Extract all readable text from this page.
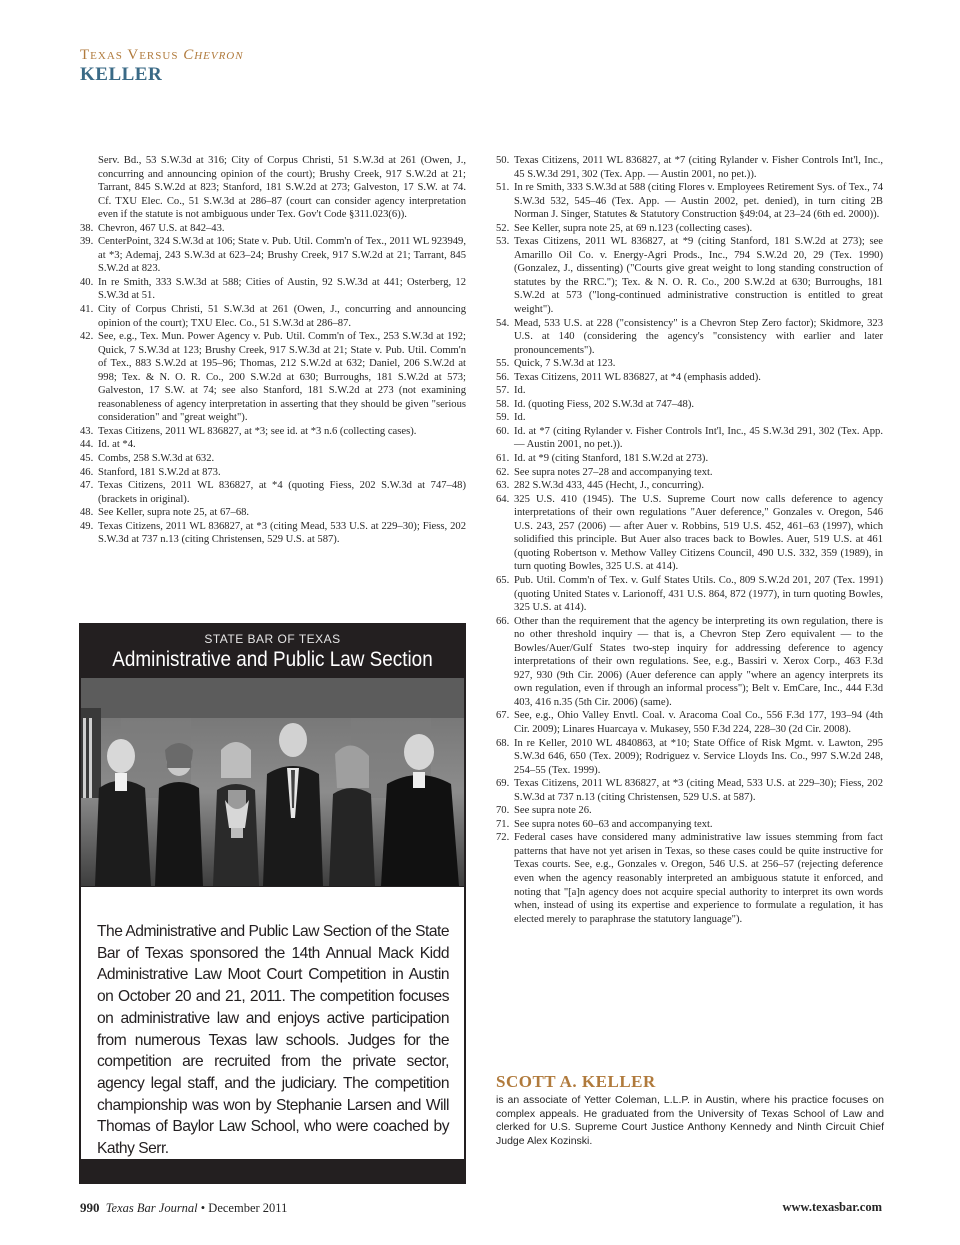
Texas Versus Chevron
KELLER
Serv. Bd., 53 S.W.3d at 316; City of Corpus Christi, 51 S.W.3d at 261 (Owen, J., concurring and announcing opinion of the court); Brushy Creek, 917 S.W.2d at 21; Tarrant, 845 S.W.2d at 823; Stanford, 181 S.W.2d at 273; Galveston, 17 S.W. at 74. Cf. TXU Elec. Co., 51 S.W.3d at 286–87 (court can consider agency interpretation even if the statute is not ambiguous under Tex. Gov't Code §311.023(6)).
38. Chevron, 467 U.S. at 842–43.
39. CenterPoint, 324 S.W.3d at 106; State v. Pub. Util. Comm'n of Tex., 2011 WL 923949, at *3; Ademaj, 243 S.W.3d at 623–24; Brushy Creek, 917 S.W.2d at 21; Tarrant, 845 S.W.2d at 823.
40. In re Smith, 333 S.W.3d at 588; Cities of Austin, 92 S.W.3d at 441; Osterberg, 12 S.W.3d at 51.
41. City of Corpus Christi, 51 S.W.3d at 261 (Owen, J., concurring and announcing opinion of the court); TXU Elec. Co., 51 S.W.3d at 286–87.
42. See, e.g., Tex. Mun. Power Agency v. Pub. Util. Comm'n of Tex., 253 S.W.3d at 192; Quick, 7 S.W.3d at 123; Brushy Creek, 917 S.W.3d at 21; State v. Pub. Util. Comm'n of Tex., 883 S.W.2d at 195–96; Thomas, 212 S.W.2d at 632; Daniel, 206 S.W.2d at 998; Tex. & N. O. R. Co., 200 S.W.2d at 630; Burroughs, 181 S.W.2d at 573; Galveston, 17 S.W. at 74; see also Stanford, 181 S.W.2d at 273 (not examining reasonableness of agency interpretation in asserting that they should be given "serious consideration" and "great weight").
43. Texas Citizens, 2011 WL 836827, at *3; see id. at *3 n.6 (collecting cases).
44. Id. at *4.
45. Combs, 258 S.W.3d at 632.
46. Stanford, 181 S.W.2d at 873.
47. Texas Citizens, 2011 WL 836827, at *4 (quoting Fiess, 202 S.W.3d at 747–48) (brackets in original).
48. See Keller, supra note 25, at 67–68.
49. Texas Citizens, 2011 WL 836827, at *3 (citing Mead, 533 U.S. at 229–30); Fiess, 202 S.W.3d at 737 n.13 (citing Christensen, 529 U.S. at 587).
50. Texas Citizens, 2011 WL 836827, at *7 (citing Rylander v. Fisher Controls Int'l, Inc., 45 S.W.3d 291, 302 (Tex. App. — Austin 2001, no pet.)).
51. In re Smith, 333 S.W.3d at 588 (citing Flores v. Employees Retirement Sys. of Tex., 74 S.W.3d 532, 545–46 (Tex. App. — Austin 2002, pet. denied), in turn citing 2B Norman J. Singer, Statutes & Statutory Construction §49:04, at 23–24 (6th ed. 2000)).
52. See Keller, supra note 25, at 69 n.123 (collecting cases).
53. Texas Citizens, 2011 WL 836827, at *9 (citing Stanford, 181 S.W.2d at 273); see Amarillo Oil Co. v. Energy-Agri Prods., Inc., 794 S.W.2d 20, 29 (Tex. 1990) (Gonzalez, J., dissenting) ("Courts give great weight to long standing construction of statutes by the RRC."); Tex. & N. O. R. Co., 200 S.W.2d at 630; Burroughs, 181 S.W.2d at 573 ("long-continued administrative construction is entitled to great weight").
54. Mead, 533 U.S. at 228 ("consistency" is a Chevron Step Zero factor); Skidmore, 323 U.S. at 140 (considering the agency's "consistency with earlier and later pronouncements").
55. Quick, 7 S.W.3d at 123.
56. Texas Citizens, 2011 WL 836827, at *4 (emphasis added).
57. Id.
58. Id. (quoting Fiess, 202 S.W.3d at 747–48).
59. Id.
60. Id. at *7 (citing Rylander v. Fisher Controls Int'l, Inc., 45 S.W.3d 291, 302 (Tex. App. — Austin 2001, no pet.)).
61. Id. at *9 (citing Stanford, 181 S.W.2d at 273).
62. See supra notes 27–28 and accompanying text.
63. 282 S.W.3d 433, 445 (Hecht, J., concurring).
64. 325 U.S. 410 (1945). The U.S. Supreme Court now calls deference to agency interpretations of their own regulations "Auer deference," Gonzales v. Oregon, 546 U.S. 243, 257 (2006) — after Auer v. Robbins, 519 U.S. 452, 461–63 (1997), which solidified this principle. But Auer also traces back to Bowles. Auer, 519 U.S. at 461 (quoting Robertson v. Methow Valley Citizens Council, 490 U.S. 332, 359 (1989), in turn quoting Bowles, 325 U.S. at 414).
65. Pub. Util. Comm'n of Tex. v. Gulf States Utils. Co., 809 S.W.2d 201, 207 (Tex. 1991) (quoting United States v. Larionoff, 431 U.S. 864, 872 (1977), in turn quoting Bowles, 325 U.S. at 414).
66. Other than the requirement that the agency be interpreting its own regulation, there is no other threshold inquiry — that is, a Chevron Step Zero equivalent — to the Bowles/Auer/Gulf States two-step inquiry for addressing deference to agency interpretations of their own regulations. See, e.g., Bassiri v. Xerox Corp., 463 F.3d 927, 930 (9th Cir. 2006) (Auer deference can apply "where an agency interprets its own regulation, even if through an informal process"); Belt v. EmCare, Inc., 444 F.3d 403, 416 n.35 (5th Cir. 2006) (same).
67. See, e.g., Ohio Valley Envtl. Coal. v. Aracoma Coal Co., 556 F.3d 177, 193–94 (4th Cir. 2009); Linares Huarcaya v. Mukasey, 550 F.3d 224, 228–30 (2d Cir. 2008).
68. In re Keller, 2010 WL 4840863, at *10; State Office of Risk Mgmt. v. Lawton, 295 S.W.3d 646, 650 (Tex. 2009); Rodriguez v. Service Lloyds Ins. Co., 997 S.W.2d 248, 254–55 (Tex. 1999).
69. Texas Citizens, 2011 WL 836827, at *3 (citing Mead, 533 U.S. at 229–30); Fiess, 202 S.W.3d at 737 n.13 (citing Christensen, 529 U.S. at 587).
70. See supra note 26.
71. See supra notes 60–63 and accompanying text.
72. Federal cases have considered many administrative law issues stemming from fact patterns that have not yet arisen in Texas, so these cases could be quite instructive for Texas courts. See, e.g., Gonzales v. Oregon, 546 U.S. at 256–57 (rejecting deference even when the agency reasonably interpreted an ambiguous statute it enforced, and noting that "[a]n agency does not acquire special authority to interpret its own words when, instead of using its expertise and experience to formulate a regulation, it has elected merely to paraphrase the statutory language").
STATE BAR OF TEXAS
Administrative and Public Law Section
The Administrative and Public Law Section of the State Bar of Texas sponsored the 14th Annual Mack Kidd Administrative Law Moot Court Competition in Austin on October 20 and 21, 2011. The competition focuses on administrative law and enjoys active participation from numerous Texas law schools. Judges for the competition are recruited from the private sector, agency legal staff, and the judiciary. The competition championship was won by Stephanie Larsen and Will Thomas of Baylor Law School, who were coached by Kathy Serr.
SCOTT A. KELLER
is an associate of Yetter Coleman, L.L.P. in Austin, where his practice focuses on complex appeals. He graduated from the University of Texas School of Law and clerked for U.S. Supreme Court Justice Anthony Kennedy and Ninth Circuit Chief Judge Alex Kozinski.
990 Texas Bar Journal • December 2011	www.texasbar.com
